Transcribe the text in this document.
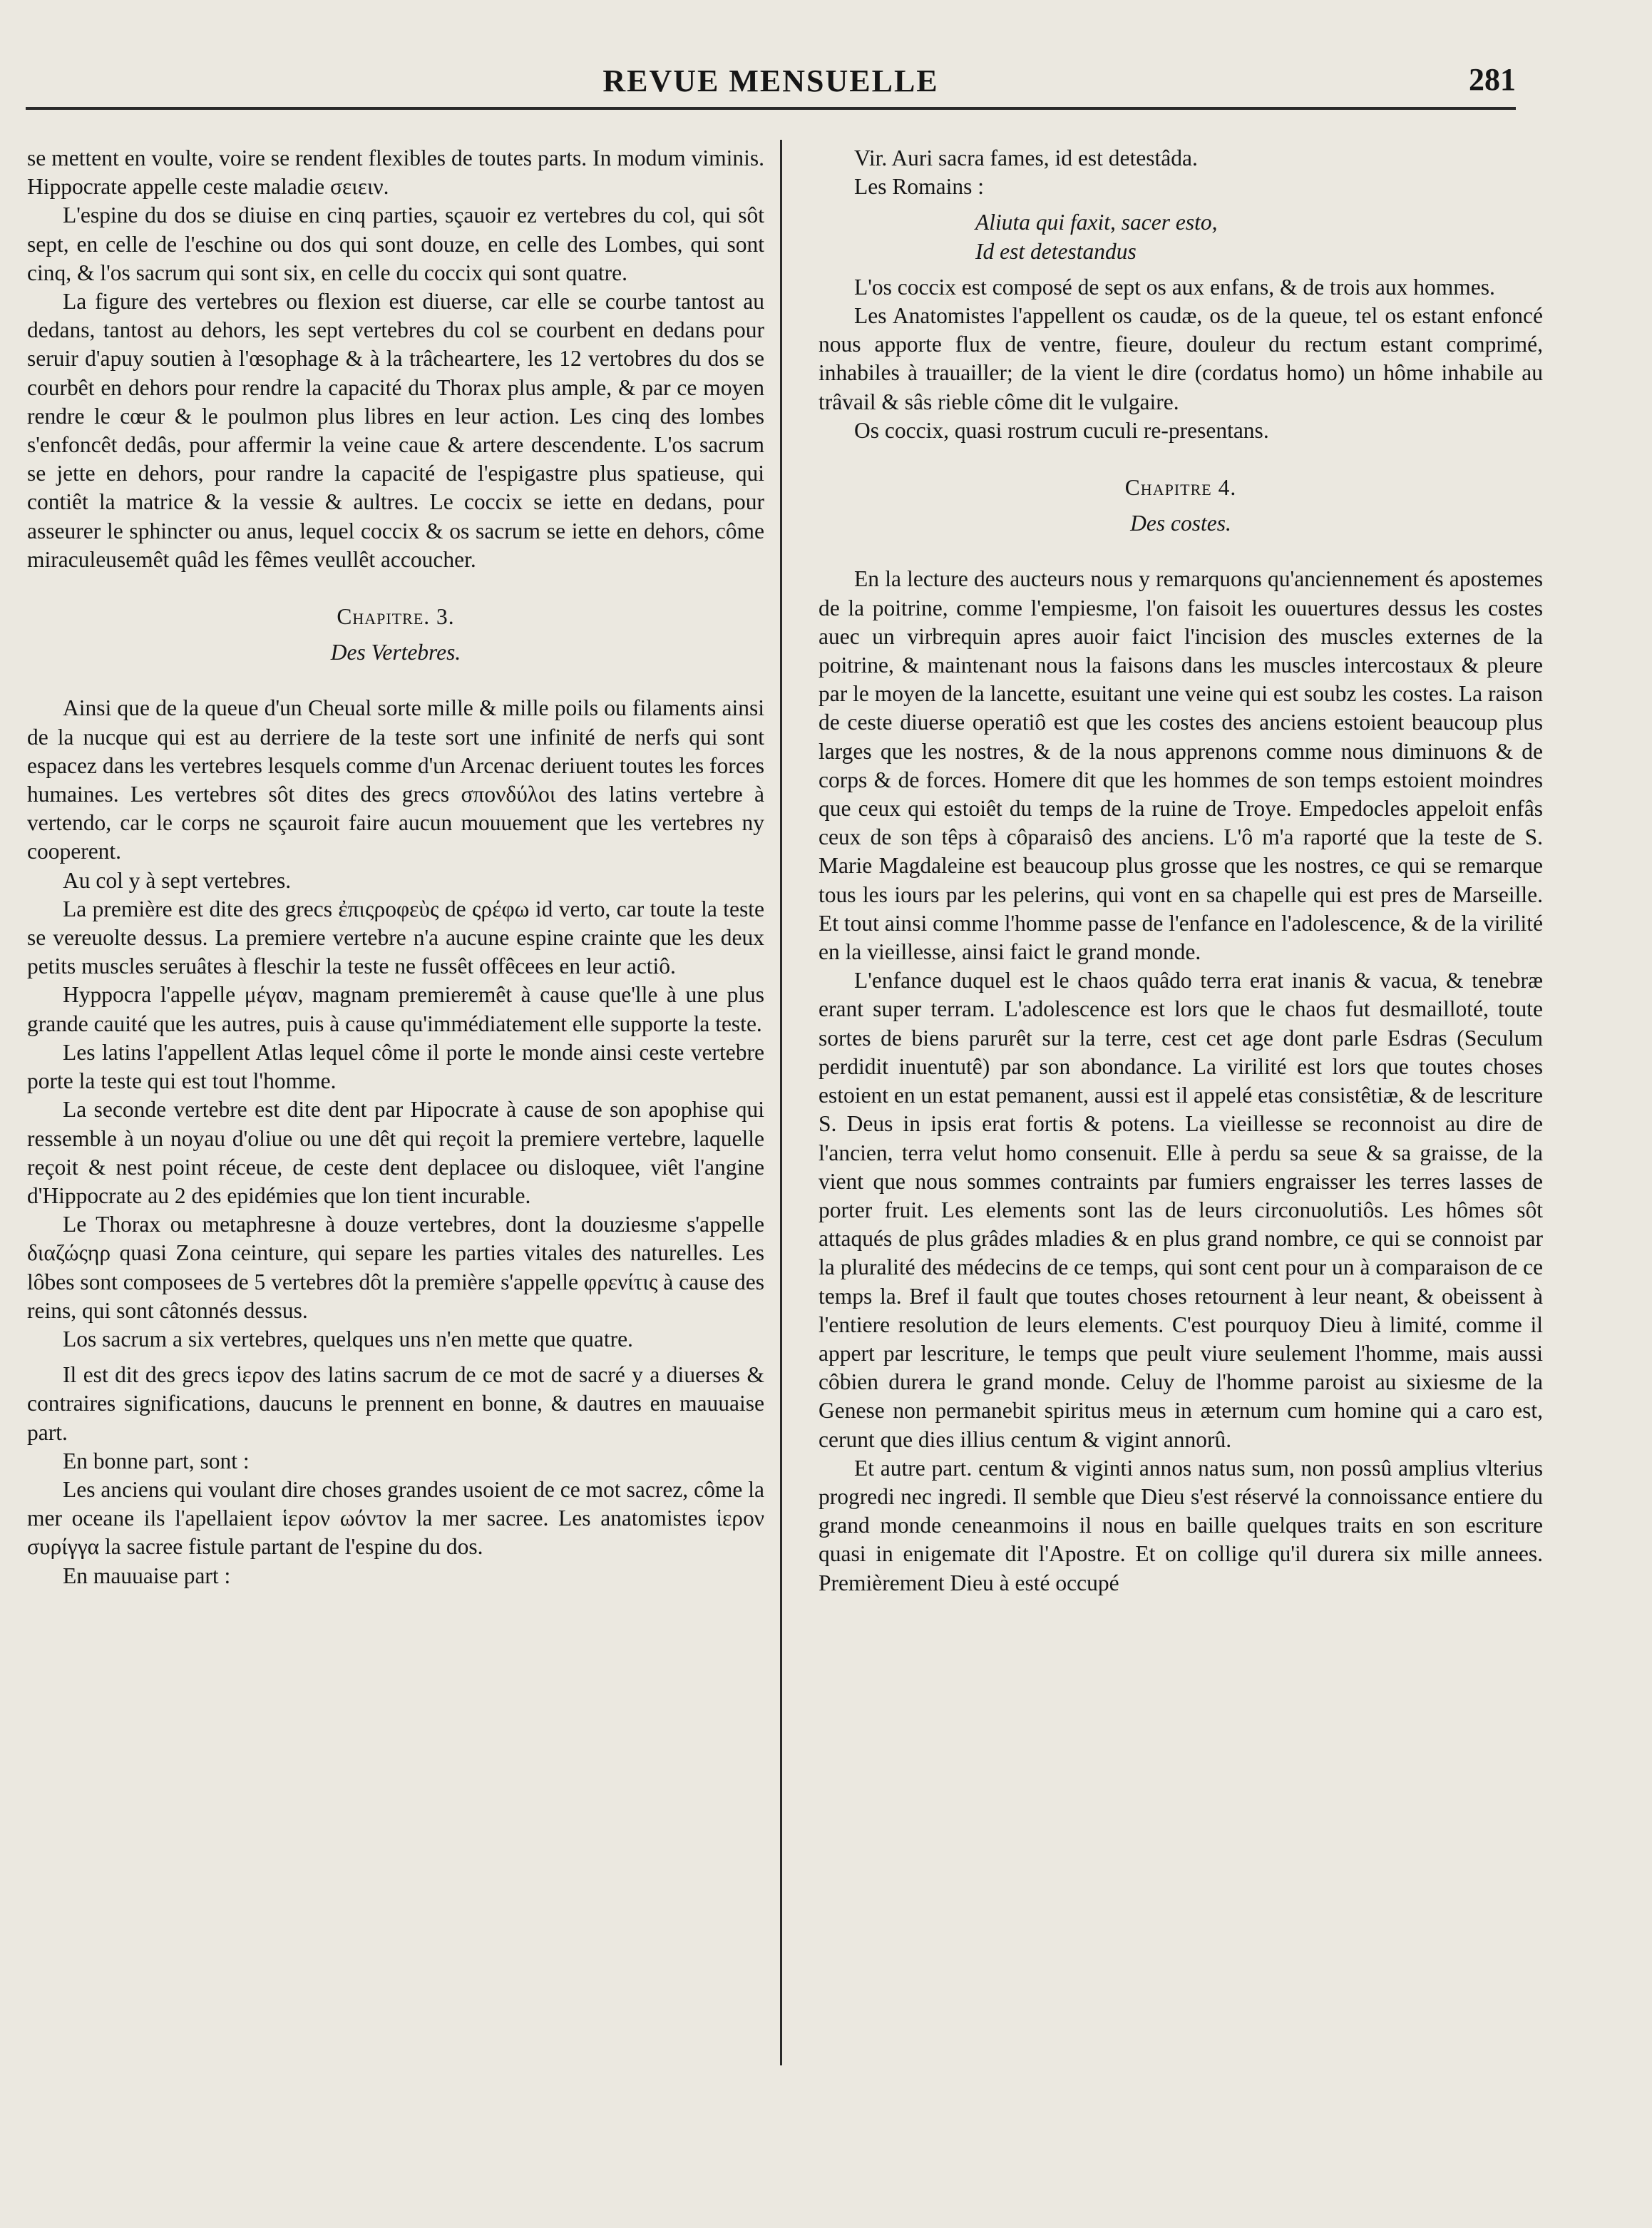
REVUE MENSUELLE	281

se mettent en voulte, voire se rendent flexibles de toutes parts. In modum viminis. Hippocrate appelle ceste maladie σειειν.

L'espine du dos se diuise en cinq parties, sçauoir ez vertebres du col, qui sôt sept, en celle de l'eschine ou dos qui sont douze, en celle des Lombes, qui sont cinq, & l'os sacrum qui sont six, en celle du coccix qui sont quatre.

La figure des vertebres ou flexion est diuerse, car elle se courbe tantost au dedans, tantost au dehors, les sept vertebres du col se courbent en dedans pour seruir d'apuy soutien à l'œsophage & à la trâcheartere, les 12 vertobres du dos se courbêt en dehors pour rendre la capacité du Thorax plus ample, & par ce moyen rendre le cœur & le poulmon plus libres en leur action. Les cinq des lombes s'enfoncêt dedâs, pour affermir la veine caue & artere descendente. L'os sacrum se jette en dehors, pour randre la capacité de l'espigastre plus spatieuse, qui contiêt la matrice & la vessie & aultres. Le coccix se iette en dedans, pour asseurer le sphincter ou anus, lequel coccix & os sacrum se iette en dehors, côme miraculeusemêt quâd les fêmes veullêt accoucher.

Chapitre. 3.
Des Vertebres.

Ainsi que de la queue d'un Cheual sorte mille & mille poils ou filaments ainsi de la nucque qui est au derriere de la teste sort une infinité de nerfs qui sont espacez dans les vertebres lesquels comme d'un Arcenac deriuent toutes les forces humaines. Les vertebres sôt dites des grecs σπονδύλοι des latins vertebre à vertendo, car le corps ne sçauroit faire aucun mouuement que les vertebres ny cooperent.

Au col y à sept vertebres.

La première est dite des grecs ἐπιςροφεὺς de ςρέφω id verto, car toute la teste se vereuolte dessus. La premiere vertebre n'a aucune espine crainte que les deux petits muscles seruâtes à fleschir la teste ne fussêt offêcees en leur actiô.

Hyppocra l'appelle μέγαν, magnam premieremêt à cause que'lle à une plus grande cauité que les autres, puis à cause qu'immédiatement elle supporte la teste.

Les latins l'appellent Atlas lequel côme il porte le monde ainsi ceste vertebre porte la teste qui est tout l'homme.

La seconde vertebre est dite dent par Hipocrate à cause de son apophise qui ressemble à un noyau d'oliue ou une dêt qui reçoit la premiere vertebre, laquelle reçoit & nest point réceue, de ceste dent deplacee ou disloquee, viêt l'angine d'Hippocrate au 2 des epidémies que lon tient incurable.

Le Thorax ou metaphresne à douze vertebres, dont la douziesme s'appelle διαζώςηρ quasi Zona ceinture, qui separe les parties vitales des naturelles. Les lôbes sont composees de 5 vertebres dôt la première s'appelle φρενίτις à cause des reins, qui sont câtonnés dessus.

Los sacrum a six vertebres, quelques uns n'en mette que quatre.

Il est dit des grecs ἱερον des latins sacrum de ce mot de sacré y a diuerses & contraires significations, daucuns le prennent en bonne, & dautres en mauuaise part.

En bonne part, sont :

Les anciens qui voulant dire choses grandes usoient de ce mot sacrez, côme la mer oceane ils l'apellaient ἱερον ωόντον la mer sacree. Les anatomistes ἱερον συρίγγα la sacree fistule partant de l'espine du dos.

En mauuaise part :

Vir. Auri sacra fames, id est detestâda.

Les Romains :

Aliuta qui faxit, sacer esto,

Id est detestandus

L'os coccix est composé de sept os aux enfans, & de trois aux hommes.

Les Anatomistes l'appellent os caudæ, os de la queue, tel os estant enfoncé nous apporte flux de ventre, fieure, douleur du rectum estant comprimé, inhabiles à trauailler; de la vient le dire (cordatus homo) un hôme inhabile au trâvail & sâs rieble côme dit le vulgaire.

Os coccix, quasi rostrum cuculi re-presentans.

Chapitre 4.
Des costes.

En la lecture des aucteurs nous y remarquons qu'anciennement és apostemes de la poitrine, comme l'empiesme, l'on faisoit les ouuertures dessus les costes auec un virbrequin apres auoir faict l'incision des muscles externes de la poitrine, & maintenant nous la faisons dans les muscles intercostaux & pleure par le moyen de la lancette, esuitant une veine qui est soubz les costes. La raison de ceste diuerse operatiô est que les costes des anciens estoient beaucoup plus larges que les nostres, & de la nous apprenons comme nous diminuons & de corps & de forces. Homere dit que les hommes de son temps estoient moindres que ceux qui estoiêt du temps de la ruine de Troye. Empedocles appeloit enfâs ceux de son têps à côparaisô des anciens. L'ô m'a raporté que la teste de S. Marie Magdaleine est beaucoup plus grosse que les nostres, ce qui se remarque tous les iours par les pelerins, qui vont en sa chapelle qui est pres de Marseille. Et tout ainsi comme l'homme passe de l'enfance en l'adolescence, & de la virilité en la vieillesse, ainsi faict le grand monde.

L'enfance duquel est le chaos quâdo terra erat inanis & vacua, & tenebræ erant super terram. L'adolescence est lors que le chaos fut desmailloté, toute sortes de biens parurêt sur la terre, cest cet age dont parle Esdras (Seculum perdidit inuentutê) par son abondance. La virilité est lors que toutes choses estoient en un estat pemanent, aussi est il appelé etas consistêtiæ, & de lescriture S. Deus in ipsis erat fortis & potens. La vieillesse se reconnoist au dire de l'ancien, terra velut homo consenuit. Elle à perdu sa seue & sa graisse, de la vient que nous sommes contraints par fumiers engraisser les terres lasses de porter fruit. Les elements sont las de leurs circonuolutiôs. Les hômes sôt attaqués de plus grâdes mladies & en plus grand nombre, ce qui se connoist par la pluralité des médecins de ce temps, qui sont cent pour un à comparaison de ce temps la. Bref il fault que toutes choses retournent à leur neant, & obeissent à l'entiere resolution de leurs elements. C'est pourquoy Dieu à limité, comme il appert par lescriture, le temps que peult viure seulement l'homme, mais aussi côbien durera le grand monde. Celuy de l'homme paroist au sixiesme de la Genese non permanebit spiritus meus in æternum cum homine qui a caro est, cerunt que dies illius centum & vigint annorû.

Et autre part. centum & viginti annos natus sum, non possû amplius vlterius progredi nec ingredi. Il semble que Dieu s'est réservé la connoissance entiere du grand monde ceneanmoins il nous en baille quelques traits en son escriture quasi in enigemate dit l'Apostre. Et on collige qu'il durera six mille annees. Premièrement Dieu à esté occupé
